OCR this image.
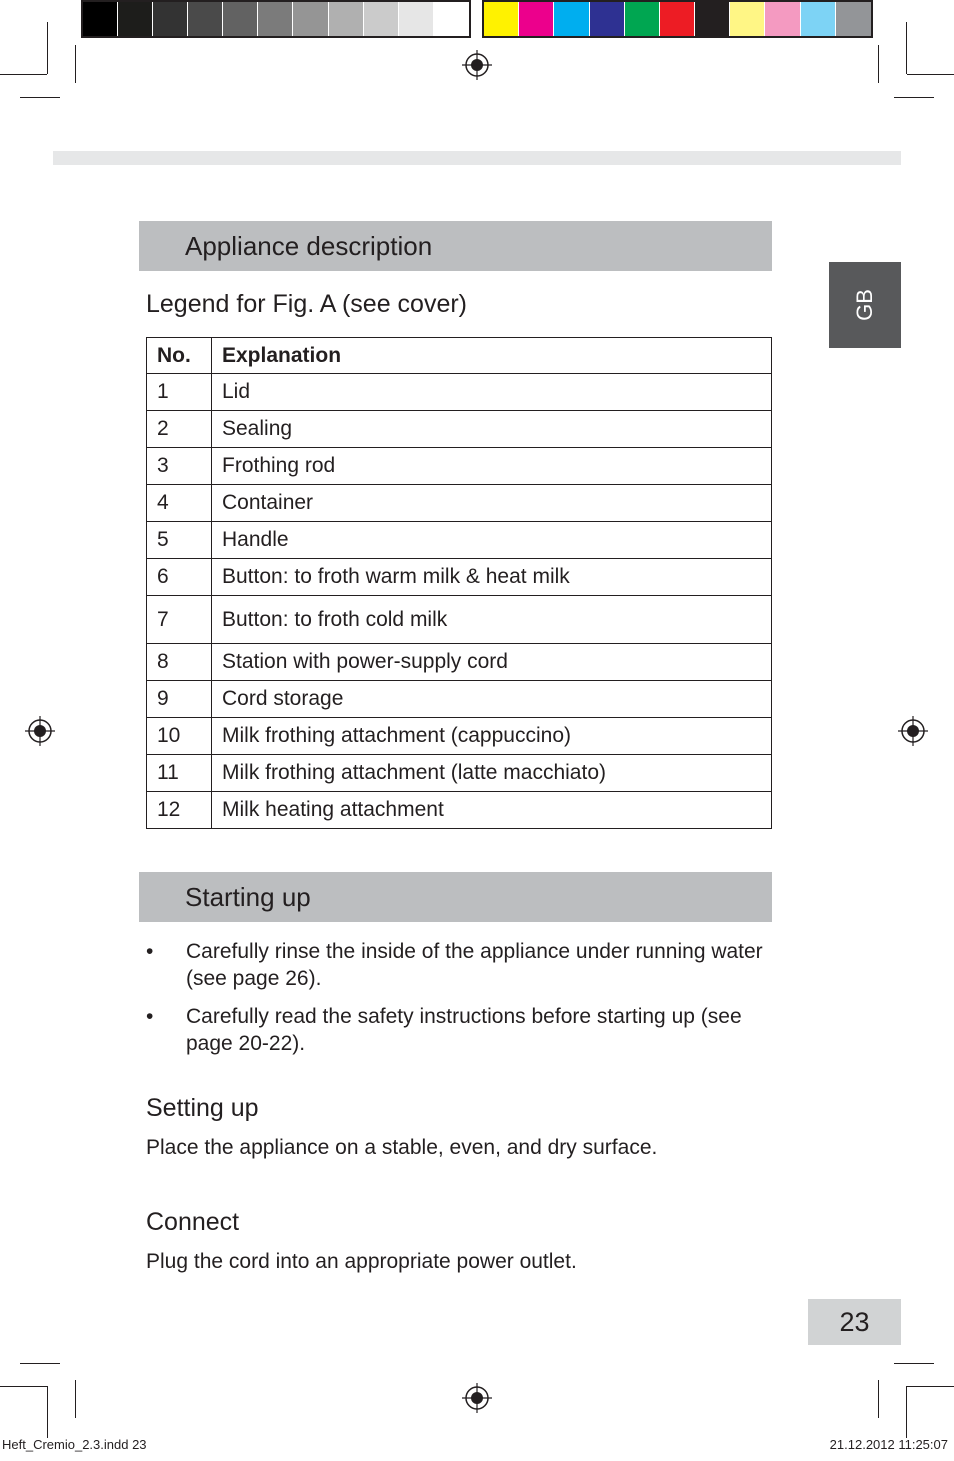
GB
Appliance description
Legend for Fig. A (see cover)
No.	Explanation
1	Lid
2	Sealing
3	Frothing rod
4	Container
5	Handle
6	Button: to froth warm milk & heat milk
7	Button: to froth cold milk
8	Station with power-supply cord
9	Cord storage
10	Milk frothing attachment (cappuccino)
11	Milk frothing attachment (latte macchiato)
12	Milk heating attachment
Starting up
• Carefully rinse the inside of the appliance under running water (see page 26).
• Carefully read the safety instructions before starting up (see page 20-22).
Setting up
Place the appliance on a stable, even, and dry surface.
Connect
Plug the cord into an appropriate power outlet.
23
Heft_Cremio_2.3.indd 23	21.12.2012 11:25:07
